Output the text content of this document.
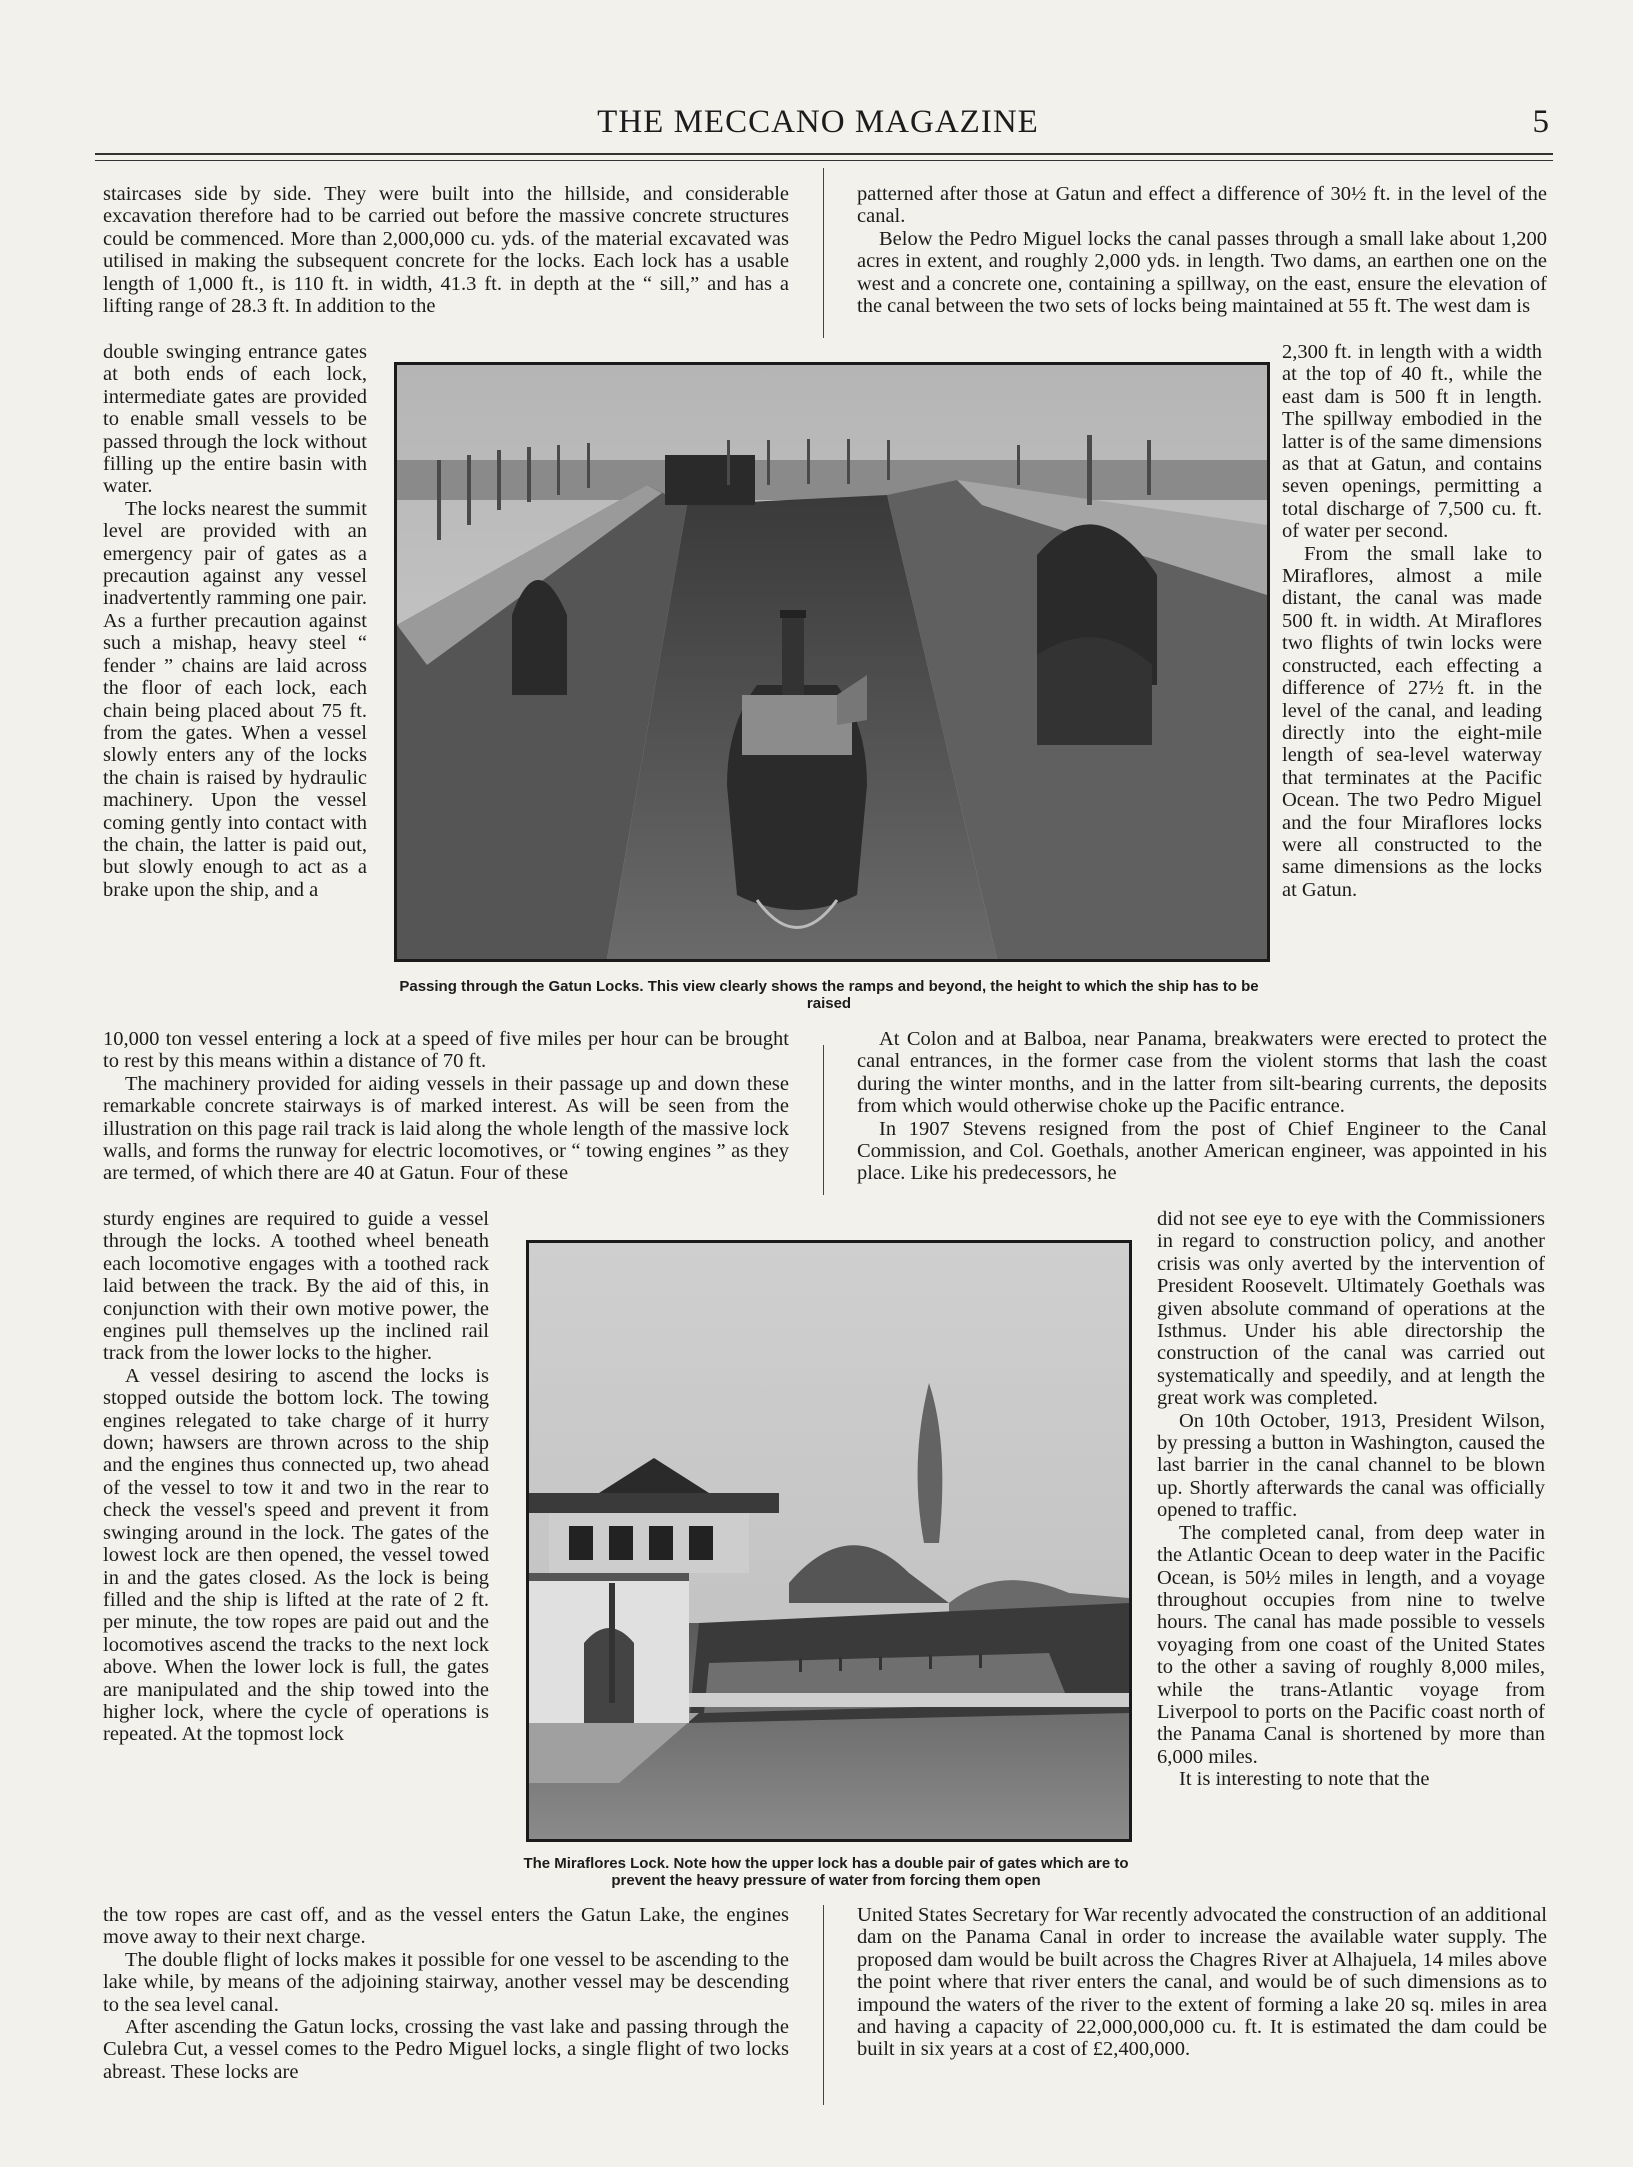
THE MECCANO MAGAZINE	5

staircases side by side. They were built into the hillside, and considerable excavation therefore had to be carried out before the massive concrete structures could be commenced. More than 2,000,000 cu. yds. of the material excavated was utilised in making the subsequent concrete for the locks. Each lock has a usable length of 1,000 ft., is 110 ft. in width, 41.3 ft. in depth at the “ sill,” and has a lifting range of 28.3 ft. In addition to the

double swinging entrance gates at both ends of each lock, intermediate gates are provided to enable small vessels to be passed through the lock without filling up the entire basin with water.

The locks nearest the summit level are provided with an emergency pair of gates as a precaution against any vessel inadvertently ramming one pair. As a further precaution against such a mishap, heavy steel “ fender ” chains are laid across the floor of each lock, each chain being placed about 75 ft. from the gates. When a vessel slowly enters any of the locks the chain is raised by hydraulic machinery. Upon the vessel coming gently into contact with the chain, the latter is paid out, but slowly enough to act as a brake upon the ship, and a

10,000 ton vessel entering a lock at a speed of five miles per hour can be brought to rest by this means within a distance of 70 ft.

The machinery provided for aiding vessels in their passage up and down these remarkable concrete stairways is of marked interest. As will be seen from the illustration on this page rail track is laid along the whole length of the massive lock walls, and forms the runway for electric locomotives, or “ towing engines ” as they are termed, of which there are 40 at Gatun. Four of these

sturdy engines are required to guide a vessel through the locks. A toothed wheel beneath each locomotive engages with a toothed rack laid between the track. By the aid of this, in conjunction with their own motive power, the engines pull themselves up the inclined rail track from the lower locks to the higher.

A vessel desiring to ascend the locks is stopped outside the bottom lock. The towing engines relegated to take charge of it hurry down; hawsers are thrown across to the ship and the engines thus connected up, two ahead of the vessel to tow it and two in the rear to check the vessel's speed and prevent it from swinging around in the lock. The gates of the lowest lock are then opened, the vessel towed in and the gates closed. As the lock is being filled and the ship is lifted at the rate of 2 ft. per minute, the tow ropes are paid out and the locomotives ascend the tracks to the next lock above. When the lower lock is full, the gates are manipulated and the ship towed into the higher lock, where the cycle of operations is repeated. At the topmost lock

the tow ropes are cast off, and as the vessel enters the Gatun Lake, the engines move away to their next charge.

The double flight of locks makes it possible for one vessel to be ascending to the lake while, by means of the adjoining stairway, another vessel may be descending to the sea level canal.

After ascending the Gatun locks, crossing the vast lake and passing through the Culebra Cut, a vessel comes to the Pedro Miguel locks, a single flight of two locks abreast. These locks are

patterned after those at Gatun and effect a difference of 30½ ft. in the level of the canal.

Below the Pedro Miguel locks the canal passes through a small lake about 1,200 acres in extent, and roughly 2,000 yds. in length. Two dams, an earthen one on the west and a concrete one, containing a spillway, on the east, ensure the elevation of the canal between the two sets of locks being maintained at 55 ft. The west dam is

2,300 ft. in length with a width at the top of 40 ft., while the east dam is 500 ft in length. The spillway embodied in the latter is of the same dimensions as that at Gatun, and contains seven openings, permitting a total discharge of 7,500 cu. ft. of water per second.

From the small lake to Miraflores, almost a mile distant, the canal was made 500 ft. in width. At Miraflores two flights of twin locks were constructed, each effecting a difference of 27½ ft. in the level of the canal, and leading directly into the eight-mile length of sea-level waterway that terminates at the Pacific Ocean. The two Pedro Miguel and the four Miraflores locks were all constructed to the same dimensions as the locks at Gatun.

At Colon and at Balboa, near Panama, breakwaters were erected to protect the canal entrances, in the former case from the violent storms that lash the coast during the winter months, and in the latter from silt-bearing currents, the deposits from which would otherwise choke up the Pacific entrance.

In 1907 Stevens resigned from the post of Chief Engineer to the Canal Commission, and Col. Goethals, another American engineer, was appointed in his place. Like his predecessors, he

did not see eye to eye with the Commissioners in regard to construction policy, and another crisis was only averted by the intervention of President Roosevelt. Ultimately Goethals was given absolute command of operations at the Isthmus. Under his able directorship the construction of the canal was carried out systematically and speedily, and at length the great work was completed.

On 10th October, 1913, President Wilson, by pressing a button in Washington, caused the last barrier in the canal channel to be blown up. Shortly afterwards the canal was officially opened to traffic.

The completed canal, from deep water in the Atlantic Ocean to deep water in the Pacific Ocean, is 50½ miles in length, and a voyage throughout occupies from nine to twelve hours. The canal has made possible to vessels voyaging from one coast of the United States to the other a saving of roughly 8,000 miles, while the trans-Atlantic voyage from Liverpool to ports on the Pacific coast north of the Panama Canal is shortened by more than 6,000 miles.

It is interesting to note that the

United States Secretary for War recently advocated the construction of an additional dam on the Panama Canal in order to increase the available water supply. The proposed dam would be built across the Chagres River at Alhajuela, 14 miles above the point where that river enters the canal, and would be of such dimensions as to impound the waters of the river to the extent of forming a lake 20 sq. miles in area and having a capacity of 22,000,000,000 cu. ft. It is estimated the dam could be built in six years at a cost of £2,400,000.

Passing through the Gatun Locks. This view clearly shows the ramps and beyond, the height to which the ship has to be raised
The Miraflores Lock. Note how the upper lock has a double pair of gates which are to prevent the heavy pressure of water from forcing them open
